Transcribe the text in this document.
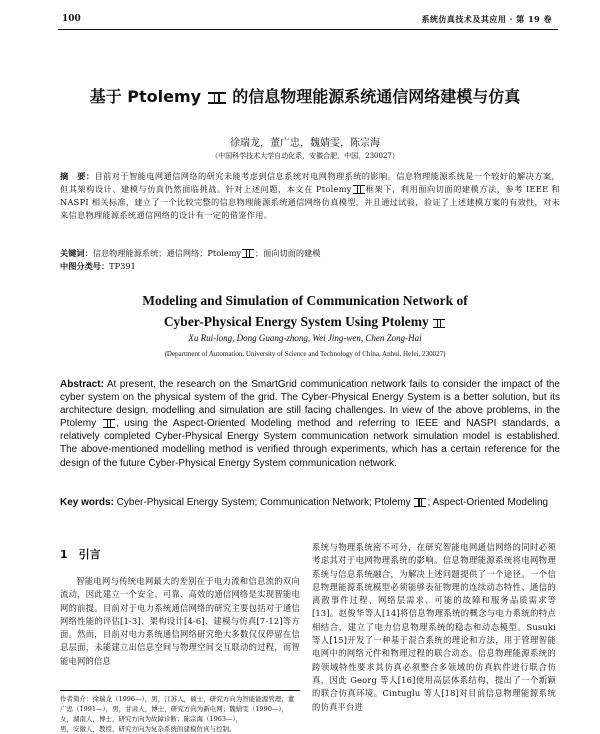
100	系统仿真技术及其应用 · 第 19 卷
基于 Ptolemy 的信息物理能源系统通信网络建模与仿真
徐瑞龙，董广忠，魏婧雯，陈宗海
（中国科学技术大学自动化系，安徽合肥，中国，230027）
摘　要：目前对于智能电网通信网络的研究未能考虑到信息系统对电网物理系统的影响。信息物理能源系统是一个较好的解决方案，但其架构设计、建模与仿真仍然面临挑战。针对上述问题，本文在 Ptolemy 框架下，利用面向切面的建模方法，参考 IEEE 和 NASPI 相关标准，建立了一个比较完整的信息物理能源系统通信网络仿真模型，并且通过试验，验证了上述建模方案的有效性，对未来信息物理能源系统通信网络的设计有一定的借鉴作用。
关键词：信息物理能源系统；通信网络；Ptolemy ；面向切面的建模
中图分类号：TP391
Modeling and Simulation of Communication Network of
Cyber-Physical Energy System Using Ptolemy
Xu Rui-long, Dong Guang-zhong, Wei Jing-wen, Chen Zong-Hai
(Department of Automation, University of Science and Technology of China, Anhui, Hefei, 230027)
Abstract: At present, the research on the SmartGrid communication network fails to consider the impact of the cyber system on the physical system of the grid. The Cyber-Physical Energy System is a better solution, but its architecture design, modelling and simulation are still facing challenges. In view of the above problems, in the Ptolemy , using the Aspect-Oriented Modeling method and referring to IEEE and NASPI standards, a relatively completed Cyber-Physical Energy System communication network simulation model is established. The above-mentioned modelling method is verified through experiments, which has a certain reference for the design of the future Cyber-Physical Energy System communication network.
Key words: Cyber-Physical Energy System; Communication Network; Ptolemy ; Aspect-Oriented Modeling
1　引言
智能电网与传统电网最大的差别在于电力流和信息流的双向流动，因此建立一个安全、可靠、高效的通信网络是实现智能电网的前提。目前对于电力系统通信网络的研究主要包括对于通信网络性能的评估[1-3]、架构设计[4-6]、建模与仿真[7-12]等方面。然而，目前对电力系统通信网络研究绝大多数仅仅停留在信息层面，未能建立出信息空间与物理空间交互联动的过程，而智能电网的信息
系统与物理系统密不可分，在研究智能电网通信网络的同时必须考虑其对于电网物理系统的影响。信息物理能源系统将电网物理系统与信息系统融合，为解决上述问题提供了一个途径。一个信息物理能源系统模型必须能够表征物理的连续动态特性、通信的离散事件过程、网络层需求、可能的故障和服务品质需求等[13]。赵俊华等人[14]将信息物理系统的概念与电力系统的特点相结合，建立了电力信息物理系统的稳态和动态模型。Susuki 等人[15]开发了一种基于混合系统的理论和方法，用于管理智能电网中的网络元件和物理过程的联合动态。信息物理能源系统的跨领域特性要求其仿真必须整合多领域的仿真软件进行联合仿真，因此 Georg 等人[16]使用高层体系结构，提出了一个新颖的联合仿真环境。Cintuglu 等人[18]对目前信息物理能源系统的仿真平台进
作者简介：徐瑞龙（1996—），男，江苏人，硕士，研究方向为智能能源管理；董广忠（1991—），男，甘肃人，博士，研究方向为新电网；魏婧雯（1990—），女，湖南人，博士，研究方向为故障诊断；陈宗海（1963—），
男，安徽人，教授，研究方向为复杂系统的建模仿真与控制。
